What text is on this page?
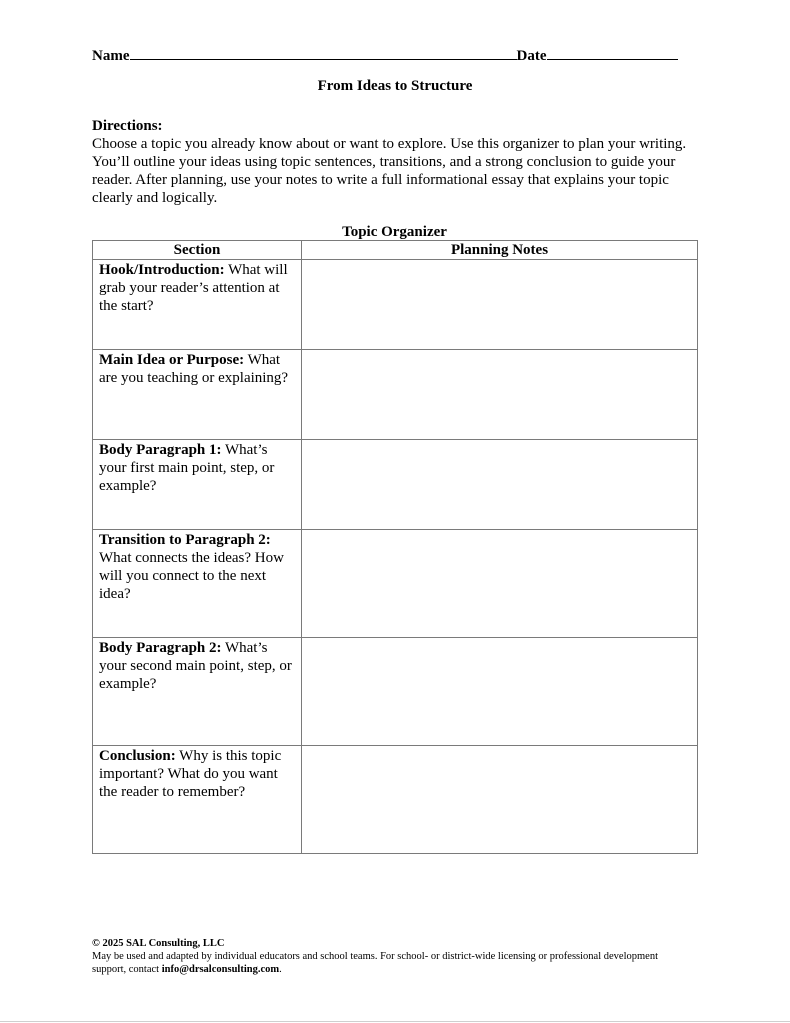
Name	Date
From Ideas to Structure
Directions:
Choose a topic you already know about or want to explore. Use this organizer to plan your writing. You’ll outline your ideas using topic sentences, transitions, and a strong conclusion to guide your reader. After planning, use your notes to write a full informational essay that explains your topic clearly and logically.
Topic Organizer
Section	Planning Notes
Hook/Introduction: What will grab your reader’s attention at the start?	
Main Idea or Purpose: What are you teaching or explaining?	
Body Paragraph 1: What’s your first main point, step, or example?	
Transition to Paragraph 2: What connects the ideas? How will you connect to the next idea?	
Body Paragraph 2: What’s your second main point, step, or example?	
Conclusion: Why is this topic important? What do you want the reader to remember?	
© 2025 SAL Consulting, LLC
May be used and adapted by individual educators and school teams. For school- or district-wide licensing or professional development support, contact info@drsalconsulting.com.
